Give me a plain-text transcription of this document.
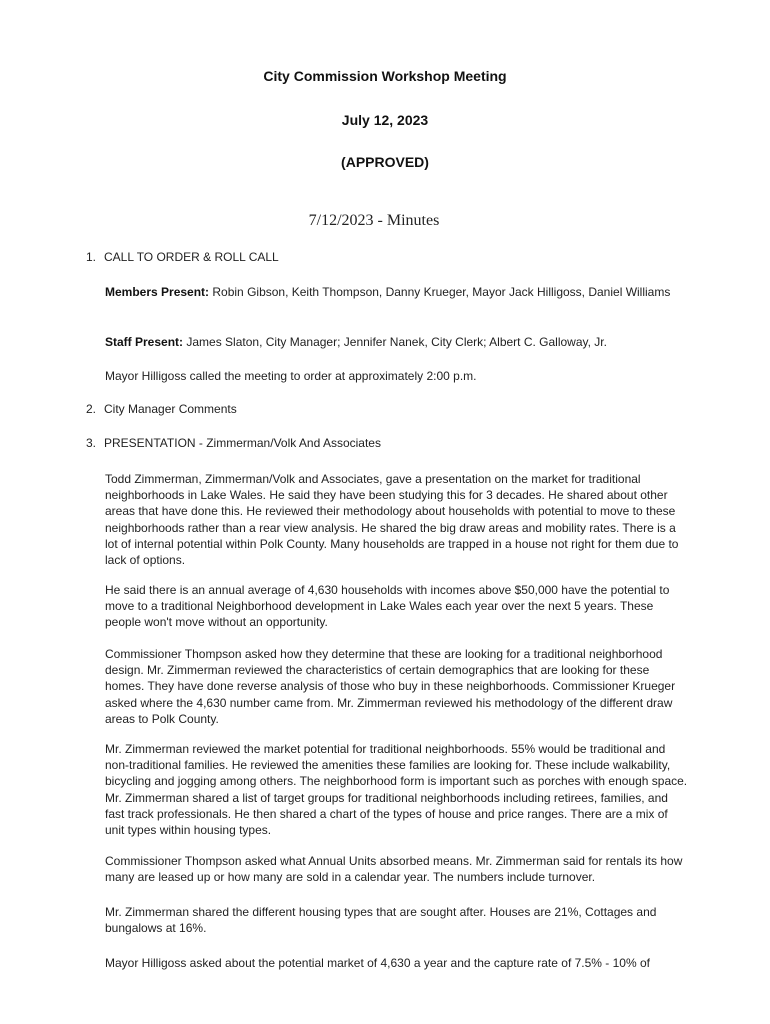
City Commission Workshop Meeting
July 12, 2023
(APPROVED)
7/12/2023 - Minutes
1. CALL TO ORDER & ROLL CALL

Members Present: Robin Gibson, Keith Thompson, Danny Krueger, Mayor Jack Hilligoss, Daniel Williams

Staff Present: James Slaton, City Manager; Jennifer Nanek, City Clerk; Albert C. Galloway, Jr.

Mayor Hilligoss called the meeting to order at approximately 2:00 p.m.

2. City Manager Comments
3. PRESENTATION - Zimmerman/Volk And Associates

Todd Zimmerman, Zimmerman/Volk and Associates, gave a presentation on the market for traditional neighborhoods in Lake Wales. He said they have been studying this for 3 decades. He shared about other areas that have done this. He reviewed their methodology about households with potential to move to these neighborhoods rather than a rear view analysis. He shared the big draw areas and mobility rates. There is a lot of internal potential within Polk County. Many households are trapped in a house not right for them due to lack of options.

He said there is an annual average of 4,630 households with incomes above $50,000 have the potential to move to a traditional Neighborhood development in Lake Wales each year over the next 5 years. These people won't move without an opportunity.

Commissioner Thompson asked how they determine that these are looking for a traditional neighborhood design. Mr. Zimmerman reviewed the characteristics of certain demographics that are looking for these homes. They have done reverse analysis of those who buy in these neighborhoods. Commissioner Krueger asked where the 4,630 number came from. Mr. Zimmerman reviewed his methodology of the different draw areas to Polk County.

Mr. Zimmerman reviewed the market potential for traditional neighborhoods. 55% would be traditional and non-traditional families. He reviewed the amenities these families are looking for. These include walkability, bicycling and jogging among others. The neighborhood form is important such as porches with enough space. Mr. Zimmerman shared a list of target groups for traditional neighborhoods including retirees, families, and fast track professionals. He then shared a chart of the types of house and price ranges. There are a mix of unit types within housing types.

Commissioner Thompson asked what Annual Units absorbed means. Mr. Zimmerman said for rentals its how many are leased up or how many are sold in a calendar year. The numbers include turnover.

Mr. Zimmerman shared the different housing types that are sought after. Houses are 21%, Cottages and bungalows at 16%.

Mayor Hilligoss asked about the potential market of 4,630 a year and the capture rate of 7.5% - 10% of
